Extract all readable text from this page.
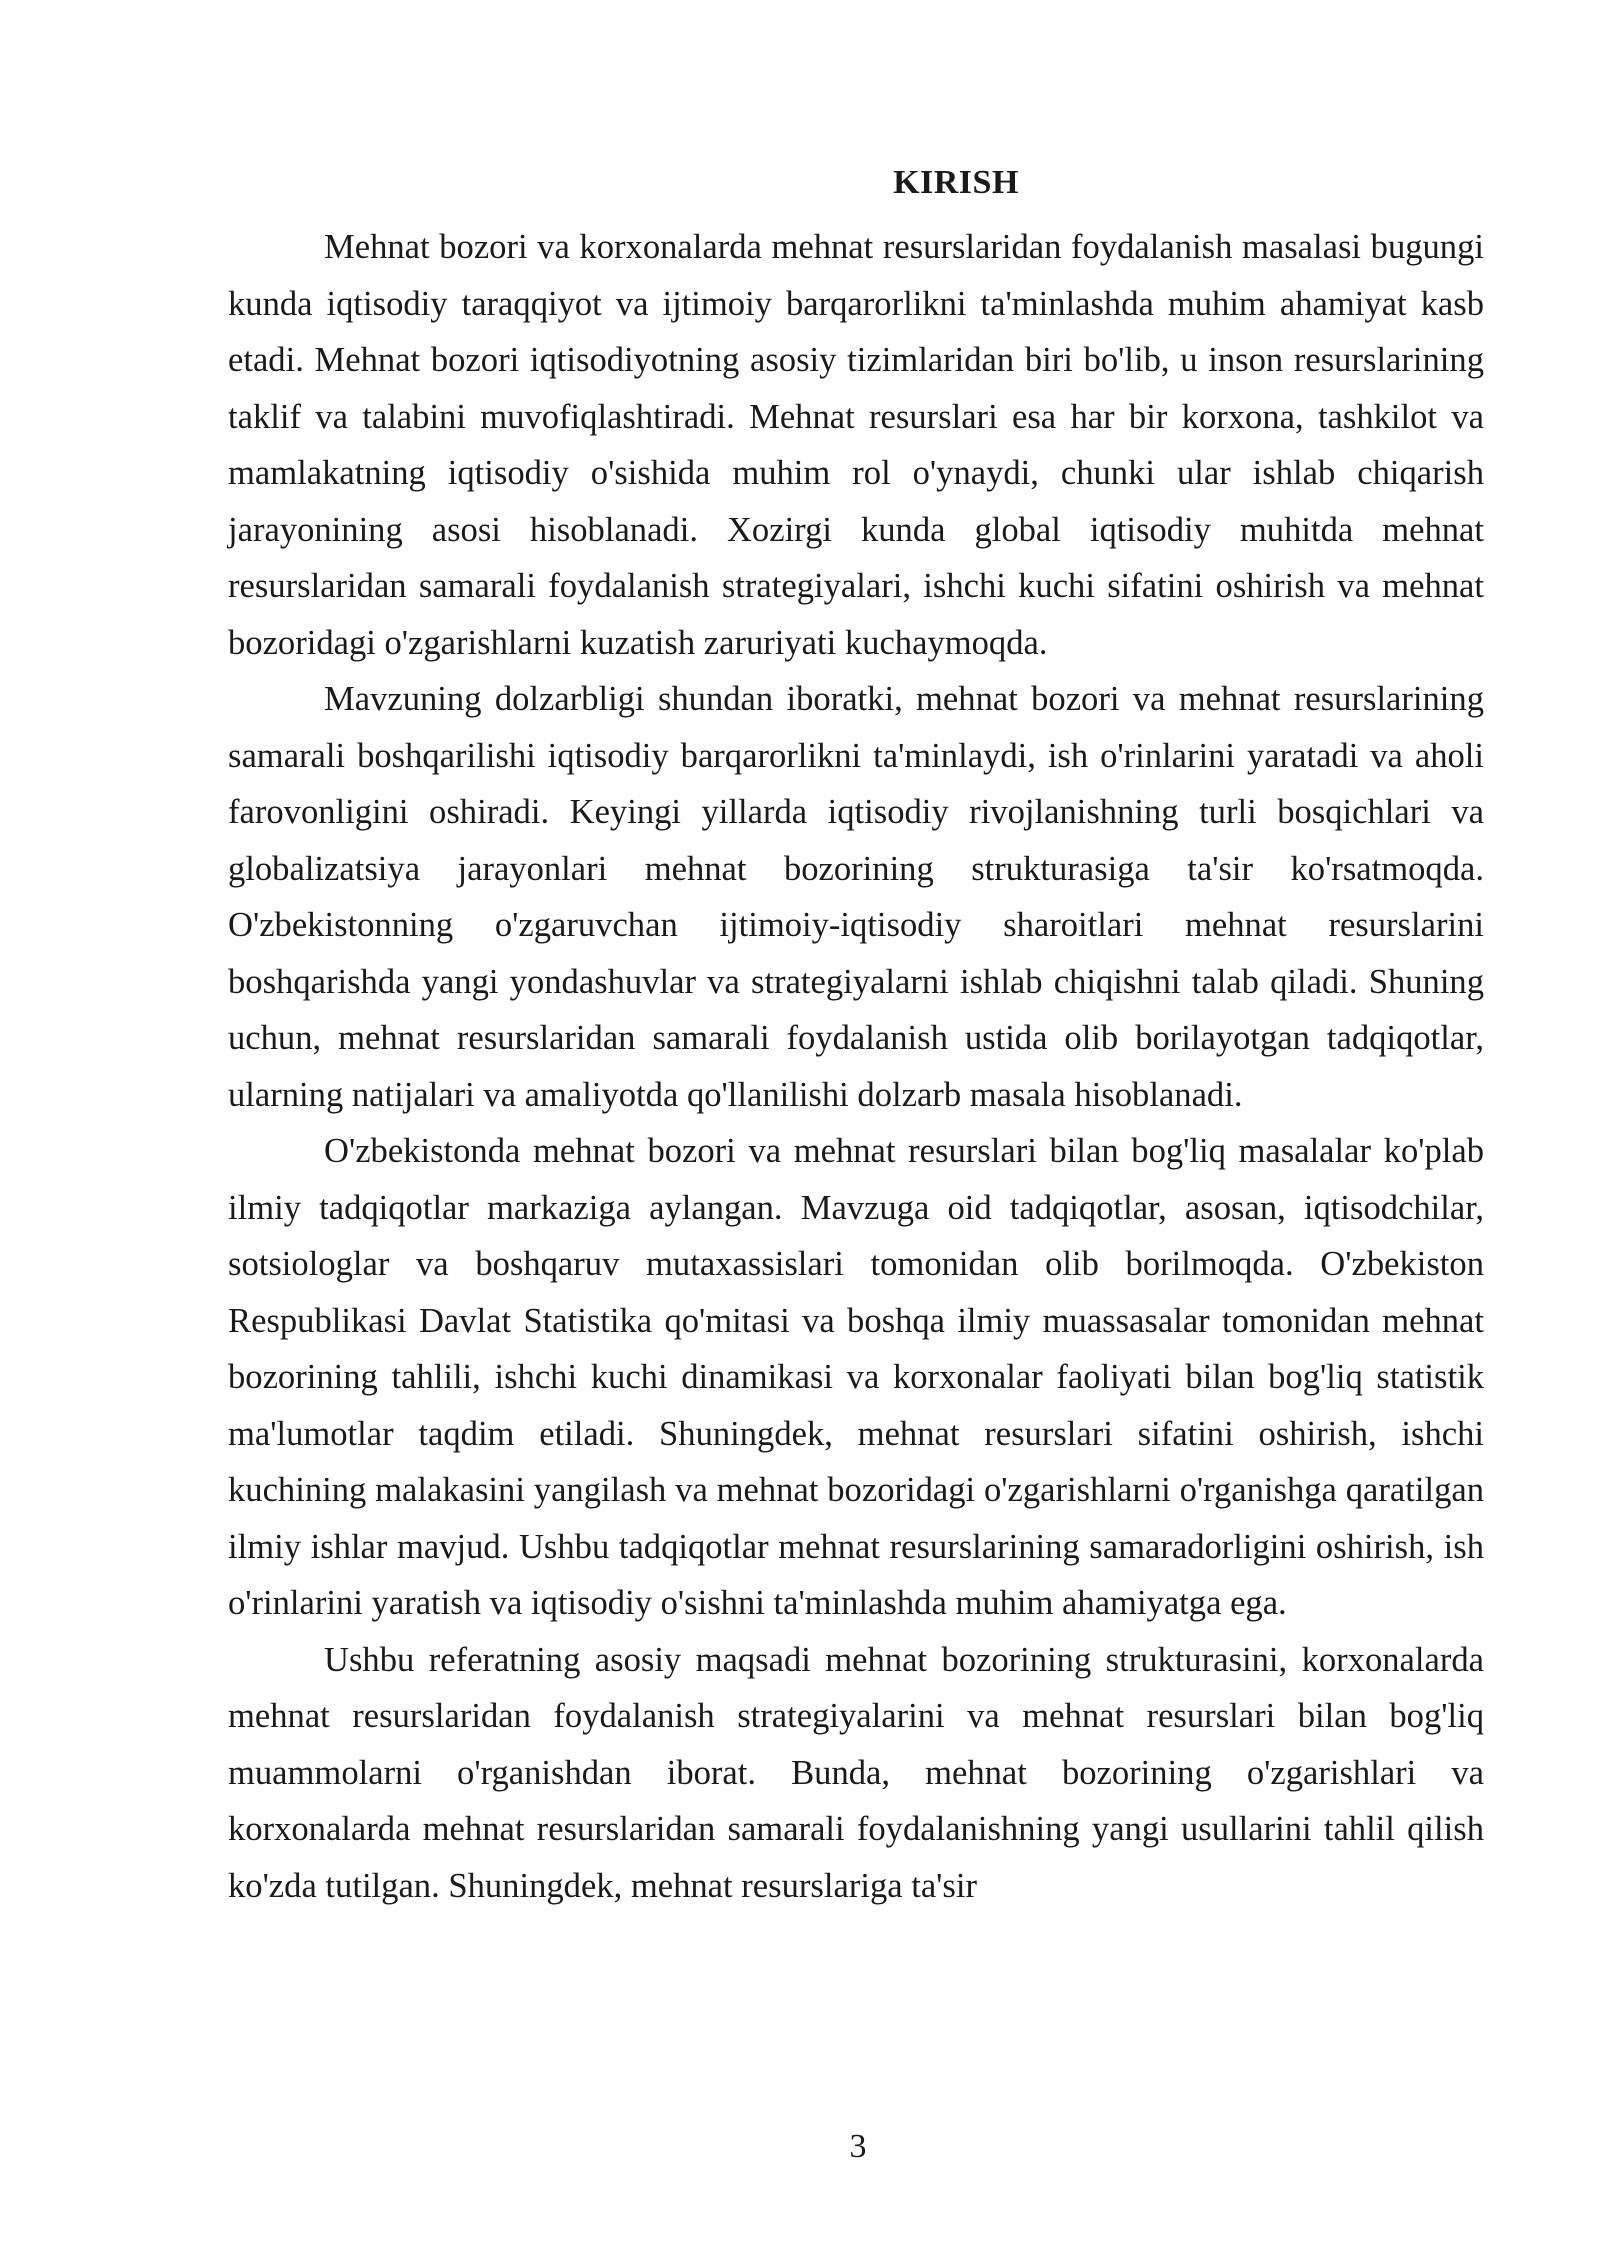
KIRISH

Mehnat bozori va korxonalarda mehnat resurslaridan foydalanish masalasi bugungi kunda iqtisodiy taraqqiyot va ijtimoiy barqarorlikni ta'minlashda muhim ahamiyat kasb etadi. Mehnat bozori iqtisodiyotning asosiy tizimlaridan biri bo'lib, u inson resurslarining taklif va talabini muvofiqlashtiradi. Mehnat resurslari esa har bir korxona, tashkilot va mamlakatning iqtisodiy o'sishida muhim rol o'ynaydi, chunki ular ishlab chiqarish jarayonining asosi hisoblanadi. Xozirgi kunda global iqtisodiy muhitda mehnat resurslaridan samarali foydalanish strategiyalari, ishchi kuchi sifatini oshirish va mehnat bozoridagi o'zgarishlarni kuzatish zaruriyati kuchaymoqda.

Mavzuning dolzarbligi shundan iboratki, mehnat bozori va mehnat resurslarining samarali boshqarilishi iqtisodiy barqarorlikni ta'minlaydi, ish o'rinlarini yaratadi va aholi farovonligini oshiradi. Keyingi yillarda iqtisodiy rivojlanishning turli bosqichlari va globalizatsiya jarayonlari mehnat bozorining strukturasiga ta'sir ko'rsatmoqda. O'zbekistonning o'zgaruvchan ijtimoiy-iqtisodiy sharoitlari mehnat resurslarini boshqarishda yangi yondashuvlar va strategiyalarni ishlab chiqishni talab qiladi. Shuning uchun, mehnat resurslaridan samarali foydalanish ustida olib borilayotgan tadqiqotlar, ularning natijalari va amaliyotda qo'llanilishi dolzarb masala hisoblanadi.

O'zbekistonda mehnat bozori va mehnat resurslari bilan bog'liq masalalar ko'plab ilmiy tadqiqotlar markaziga aylangan. Mavzuga oid tadqiqotlar, asosan, iqtisodchilar, sotsiologlar va boshqaruv mutaxassislari tomonidan olib borilmoqda. O'zbekiston Respublikasi Davlat Statistika qo'mitasi va boshqa ilmiy muassasalar tomonidan mehnat bozorining tahlili, ishchi kuchi dinamikasi va korxonalar faoliyati bilan bog'liq statistik ma'lumotlar taqdim etiladi. Shuningdek, mehnat resurslari sifatini oshirish, ishchi kuchining malakasini yangilash va mehnat bozoridagi o'zgarishlarni o'rganishga qaratilgan ilmiy ishlar mavjud. Ushbu tadqiqotlar mehnat resurslarining samaradorligini oshirish, ish o'rinlarini yaratish va iqtisodiy o'sishni ta'minlashda muhim ahamiyatga ega.

Ushbu referatning asosiy maqsadi mehnat bozorining strukturasini, korxonalarda mehnat resurslaridan foydalanish strategiyalarini va mehnat resurslari bilan bog'liq muammolarni o'rganishdan iborat. Bunda, mehnat bozorining o'zgarishlari va korxonalarda mehnat resurslaridan samarali foydalanishning yangi usullarini tahlil qilish ko'zda tutilgan. Shuningdek, mehnat resurslariga ta'sir

3
